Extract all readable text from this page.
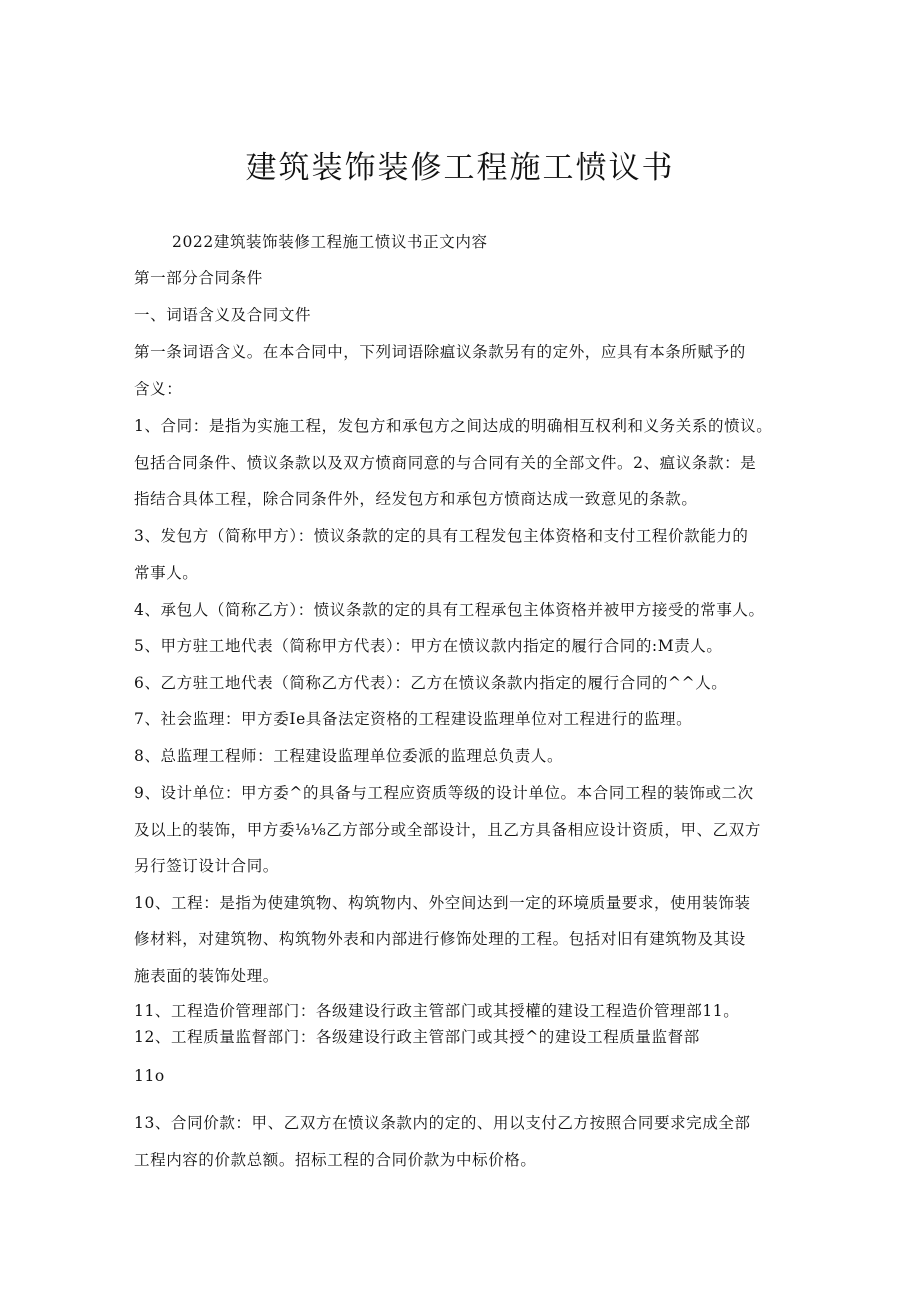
建筑装饰装修工程施工愤议书
2022建筑装饰装修工程施工愤议书正文内容
第一部分合同条件
一、词语含义及合同文件
第一条词语含义。在本合同中，下列词语除瘟议条款另有的定外，应具有本条所赋予的
含义：
1、合同：是指为实施工程，发包方和承包方之间达成的明确相互权利和义务关系的愤议。
包括合同条件、愤议条款以及双方愤商同意的与合同有关的全部文件。2、瘟议条款：是
指结合具体工程，除合同条件外，经发包方和承包方愤商达成一致意见的条款。
3、发包方（简称甲方）：愤议条款的定的具有工程发包主体资格和支付工程价款能力的
常事人。
4、承包人（简称乙方）：愤议条款的定的具有工程承包主体资格并被甲方接受的常事人。
5、甲方驻工地代表（简称甲方代表）：甲方在愤议款内指定的履行合同的:M责人。
6、乙方驻工地代表（简称乙方代表）：乙方在愤议条款内指定的履行合同的^^人。
7、社会监理：甲方委Ie具备法定资格的工程建设监理单位对工程进行的监理。
8、总监理工程师：工程建设监理单位委派的监理总负责人。
9、设计单位：甲方委^的具备与工程应资质等级的设计单位。本合同工程的装饰或二次
及以上的装饰，甲方委⅛⅛乙方部分或全部设计，且乙方具备相应设计资质，甲、乙双方
另行签订设计合同。
10、工程：是指为使建筑物、构筑物内、外空间达到一定的环境质量要求，使用装饰装
修材料，对建筑物、构筑物外表和内部进行修饰处理的工程。包括对旧有建筑物及其设
施表面的装饰处理。
11、工程造价管理部门：各级建设行政主管部门或其授權的建设工程造价管理部11。
12、工程质量监督部门：各级建设行政主管部门或其授^的建设工程质量监督部
11o
13、合同价款：甲、乙双方在愤议条款内的定的、用以支付乙方按照合同要求完成全部
工程内容的价款总额。招标工程的合同价款为中标价格。
